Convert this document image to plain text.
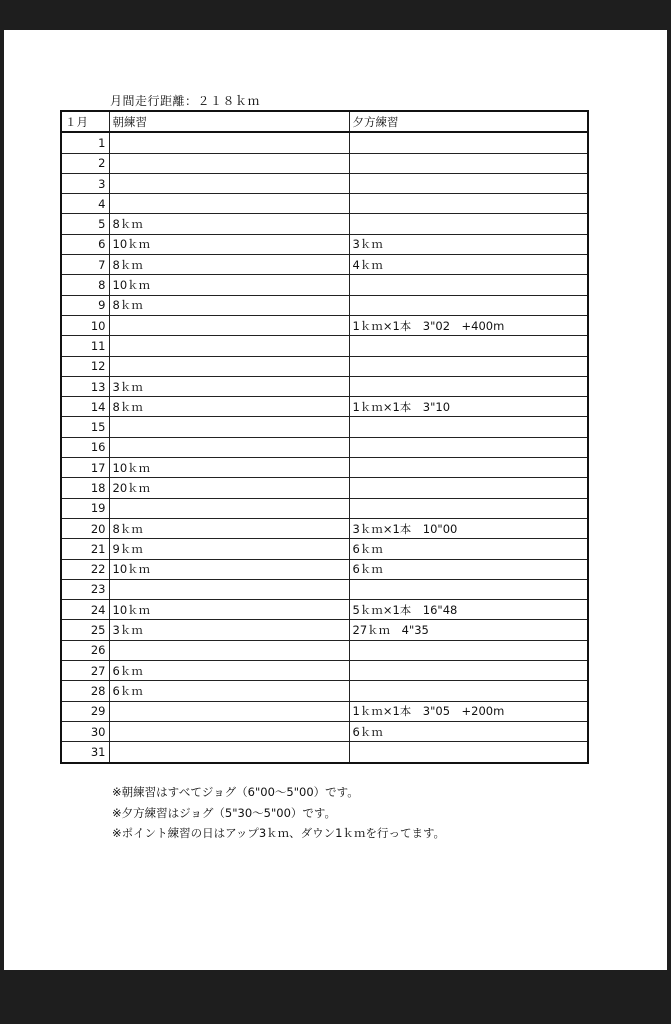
月間走行距離：２１８ｋｍ
１月	朝練習	夕方練習
1		
2		
3		
4		
5	8ｋｍ	
6	10ｋｍ	3ｋｍ
7	8ｋｍ	4ｋｍ
8	10ｋｍ	
9	8ｋｍ	
10		1ｋｍ×1本　3"02　+400m
11		
12		
13	3ｋｍ	
14	8ｋｍ	1ｋｍ×1本　3"10
15		
16		
17	10ｋｍ	
18	20ｋｍ	
19		
20	8ｋｍ	3ｋｍ×1本　10"00
21	9ｋｍ	6ｋｍ
22	10ｋｍ	6ｋｍ
23		
24	10ｋｍ	5ｋｍ×1本　16"48
25	3ｋｍ	27ｋｍ　4"35
26		
27	6ｋｍ	
28	6ｋｍ	
29		1ｋｍ×1本　3"05　+200m
30		6ｋｍ
31		
※朝練習はすべてジョグ（6"00～5"00）です。
※夕方練習はジョグ（5"30～5"00）です。
※ポイント練習の日はアップ3ｋｍ、ダウン1ｋｍを行ってます。
